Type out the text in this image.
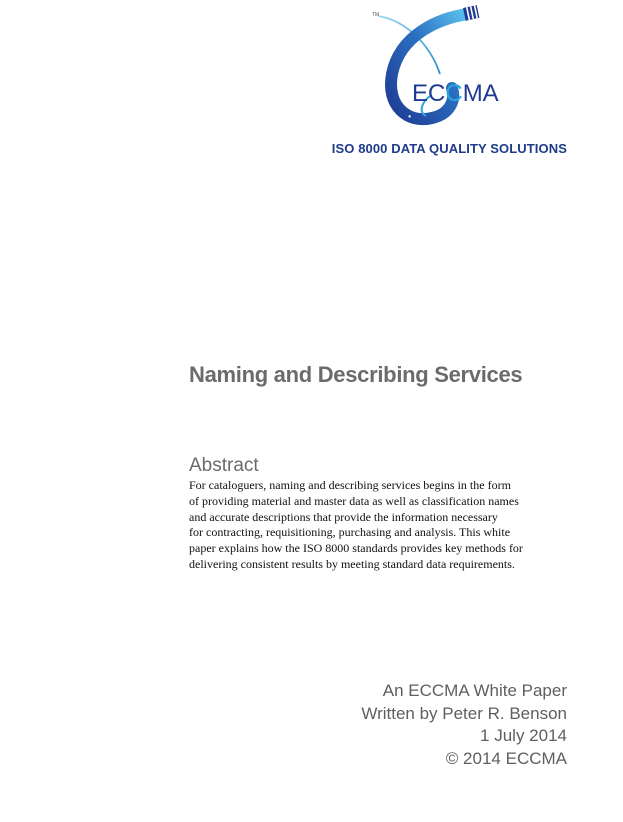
TM
ECCMA
ISO 8000 DATA QUALITY SOLUTIONS
Naming and Describing Services
Abstract
For cataloguers, naming and describing services begins in the form
of providing material and master data as well as classification names
and accurate descriptions that provide the information necessary
for contracting, requisitioning, purchasing and analysis. This white
paper explains how the ISO 8000 standards provides key methods for
delivering consistent results by meeting standard data requirements.
An ECCMA White Paper
Written by Peter R. Benson
1 July 2014
© 2014 ECCMA
